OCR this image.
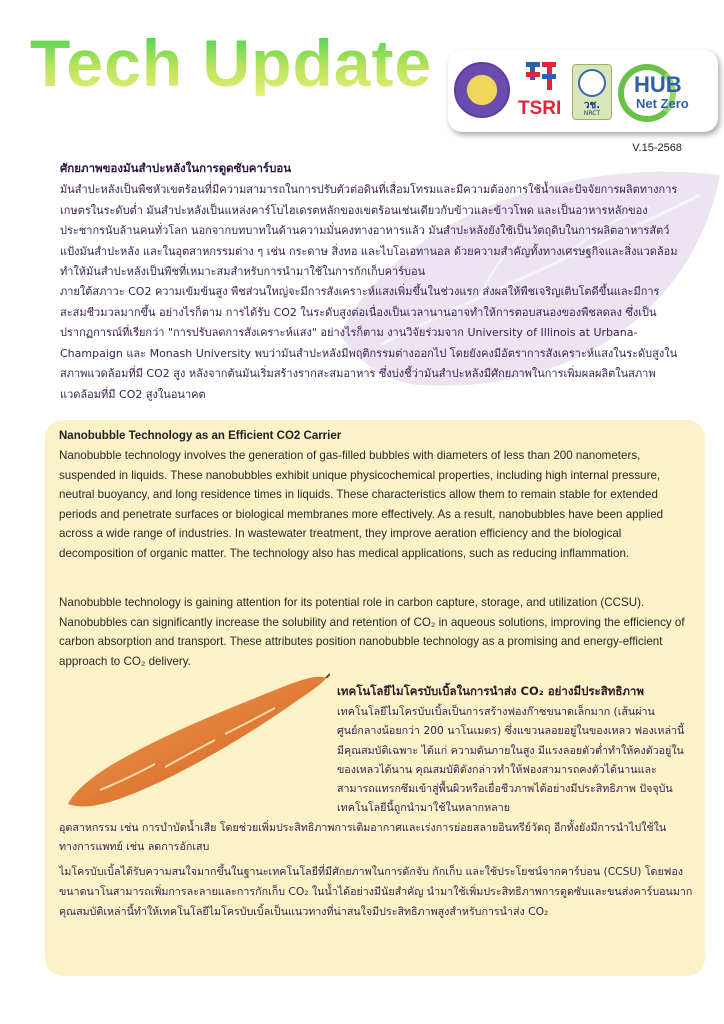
Tech Update
TSRI	วช.
NRCT
HUB
Net Zero
V.15-2568
ศักยภาพของมันสำปะหลังในการดูดซับคาร์บอน

มันสำปะหลังเป็นพืชหัวเขตร้อนที่มีความสามารถในการปรับตัวต่อดินที่เสื่อมโทรมและมีความต้องการใช้น้ำและปัจจัยการผลิตทางการเกษตรในระดับต่ำ มันสำปะหลังเป็นแหล่งคาร์โบไฮเดรตหลักของเขตร้อนเช่นเดียวกับข้าวและข้าวโพด และเป็นอาหารหลักของประชากรนับล้านคนทั่วโลก นอกจากบทบาทในด้านความมั่นคงทางอาหารแล้ว มันสำปะหลังยังใช้เป็นวัตถุดิบในการผลิตอาหารสัตว์ แป้งมันสำปะหลัง และในอุตสาหกรรมต่าง ๆ เช่น กระดาษ สิ่งทอ และไบโอเอทานอล ด้วยความสำคัญทั้งทางเศรษฐกิจและสิ่งแวดล้อม ทำให้มันสำปะหลังเป็นพืชที่เหมาะสมสำหรับการนำมาใช้ในการกักเก็บคาร์บอน

ภายใต้สภาวะ CO2 ความเข้มข้นสูง พืชส่วนใหญ่จะมีการสังเคราะห์แสงเพิ่มขึ้นในช่วงแรก ส่งผลให้พืชเจริญเติบโตดีขึ้นและมีการสะสมชีวมวลมากขึ้น อย่างไรก็ตาม การได้รับ CO2 ในระดับสูงต่อเนื่องเป็นเวลานานอาจทำให้การตอบสนองของพืชลดลง ซึ่งเป็นปรากฏการณ์ที่เรียกว่า "การปรับลดการสังเคราะห์แสง" อย่างไรก็ตาม งานวิจัยร่วมจาก University of Illinois at Urbana-Champaign และ Monash University พบว่ามันสำปะหลังมีพฤติกรรมต่างออกไป โดยยังคงมีอัตราการสังเคราะห์แสงในระดับสูงในสภาพแวดล้อมที่มี CO2 สูง หลังจากต้นมันเริ่มสร้างรากสะสมอาหาร ซึ่งบ่งชี้ว่ามันสำปะหลังมีศักยภาพในการเพิ่มผลผลิตในสภาพแวดล้อมที่มี CO2 สูงในอนาคต

Nanobubble Technology as an Efficient CO2 Carrier

Nanobubble technology involves the generation of gas-filled bubbles with diameters of less than 200 nanometers, suspended in liquids. These nanobubbles exhibit unique physicochemical properties, including high internal pressure, neutral buoyancy, and long residence times in liquids. These characteristics allow them to remain stable for extended periods and penetrate surfaces or biological membranes more effectively. As a result, nanobubbles have been applied across a wide range of industries. In wastewater treatment, they improve aeration efficiency and the biological decomposition of organic matter. The technology also has medical applications, such as reducing inflammation.

Nanobubble technology is gaining attention for its potential role in carbon capture, storage, and utilization (CCSU). Nanobubbles can significantly increase the solubility and retention of CO₂ in aqueous solutions, improving the efficiency of carbon absorption and transport. These attributes position nanobubble technology as a promising and energy-efficient approach to CO₂ delivery.

เทคโนโลยีไมโครบับเบิ้ลในการนำส่ง CO₂ อย่างมีประสิทธิภาพ

เทคโนโลยีไมโครบับเบิ้ลเป็นการสร้างฟองก๊าซขนาดเล็กมาก (เส้นผ่านศูนย์กลางน้อยกว่า 200 นาโนเมตร) ซึ่งแขวนลอยอยู่ในของเหลว ฟองเหล่านี้มีคุณสมบัติเฉพาะ ได้แก่ ความดันภายในสูง มีแรงลอยตัวต่ำทำให้คงตัวอยู่ในของเหลวได้นาน คุณสมบัติดังกล่าวทำให้ฟองสามารถคงตัวได้นานและสามารถแทรกซึมเข้าสู่พื้นผิวหรือเยื่อชีวภาพได้อย่างมีประสิทธิภาพ ปัจจุบัน เทคโนโลยีนี้ถูกนำมาใช้ในหลากหลาย

อุตสาหกรรม เช่น การบำบัดน้ำเสีย โดยช่วยเพิ่มประสิทธิภาพการเติมอากาศและเร่งการย่อยสลายอินทรีย์วัตถุ อีกทั้งยังมีการนำไปใช้ในทางการแพทย์ เช่น ลดการอักเสบ

ไมโครบับเบิ้ลได้รับความสนใจมากขึ้นในฐานะเทคโนโลยีที่มีศักยภาพในการดักจับ กักเก็บ และใช้ประโยชน์จากคาร์บอน (CCSU) โดยฟองขนาดนาโนสามารถเพิ่มการละลายและการกักเก็บ CO₂ ในน้ำได้อย่างมีนัยสำคัญ นำมาใช้เพิ่มประสิทธิภาพการดูดซับและขนส่งคาร์บอนมาก คุณสมบัติเหล่านี้ทำให้เทคโนโลยีไมโครบับเบิ้ลเป็นแนวทางที่น่าสนใจมีประสิทธิภาพสูงสำหรับการนำส่ง CO₂
